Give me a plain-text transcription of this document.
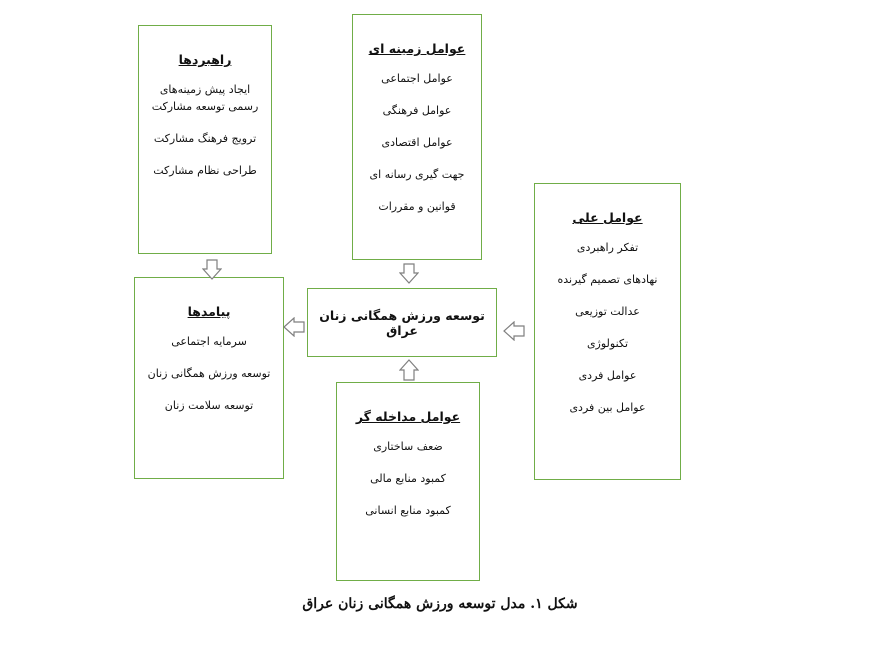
راهبردها
ایجاد پیش زمینه‌های رسمی توسعه مشارکت
ترویج فرهنگ مشارکت
طراحی نظام مشارکت
عوامل زمینه ای
عوامل اجتماعی
عوامل فرهنگی
عوامل اقتصادی
جهت گیری رسانه ای
قوانین و مقررات
عوامل علی
تفکر راهبردی
نهادهای تصمیم گیرنده
عدالت توزیعی
تکنولوژی
عوامل فردی
عوامل بین فردی
پیامدها
سرمایه اجتماعی
توسعه ورزش همگانی زنان
توسعه سلامت زنان
توسعه ورزش همگانی زنان عراق
عوامل مداخله گر
ضعف ساختاری
کمبود منابع مالی
کمبود منابع انسانی
شکل ۱. مدل توسعه ورزش همگانی زنان عراق
